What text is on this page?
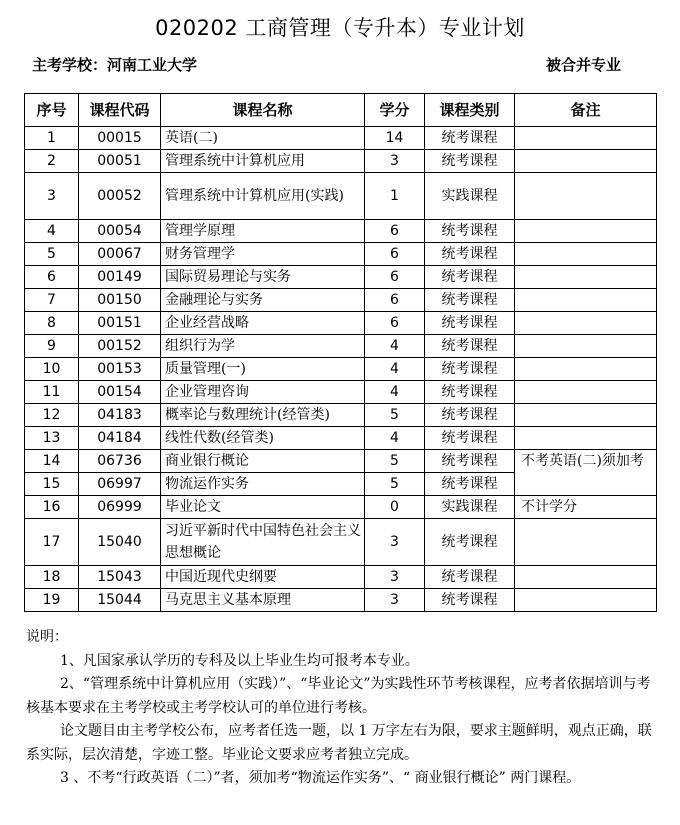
020202 工商管理（专升本）专业计划
主考学校：河南工业大学	被合并专业
序号	课程代码	课程名称	学分	课程类别	备注
1	00015	英语(二)	14	统考课程	
2	00051	管理系统中计算机应用	3	统考课程	
3	00052	管理系统中计算机应用(实践)	1	实践课程	
4	00054	管理学原理	6	统考课程	
5	00067	财务管理学	6	统考课程	
6	00149	国际贸易理论与实务	6	统考课程	
7	00150	金融理论与实务	6	统考课程	
8	00151	企业经营战略	6	统考课程	
9	00152	组织行为学	4	统考课程	
10	00153	质量管理(一)	4	统考课程	
11	00154	企业管理咨询	4	统考课程	
12	04183	概率论与数理统计(经管类)	5	统考课程	
13	04184	线性代数(经管类)	4	统考课程	
14	06736	商业银行概论	5	统考课程	不考英语(二)须加考
15	06997	物流运作实务	5	统考课程	
16	06999	毕业论文	0	实践课程	不计学分
17	15040	习近平新时代中国特色社会主义思想概论	3	统考课程	
18	15043	中国近现代史纲要	3	统考课程	
19	15044	马克思主义基本原理	3	统考课程	

说明：

1、凡国家承认学历的专科及以上毕业生均可报考本专业。

2、“管理系统中计算机应用（实践）”、“毕业论文”为实践性环节考核课程，应考者依据培训与考核基本要求在主考学校或主考学校认可的单位进行考核。

论文题目由主考学校公布，应考者任选一题，以 1 万字左右为限，要求主题鲜明，观点正确，联系实际，层次清楚，字迹工整。毕业论文要求应考者独立完成。

3 、不考“行政英语（二）”者，须加考“物流运作实务”、“ 商业银行概论” 两门课程。
